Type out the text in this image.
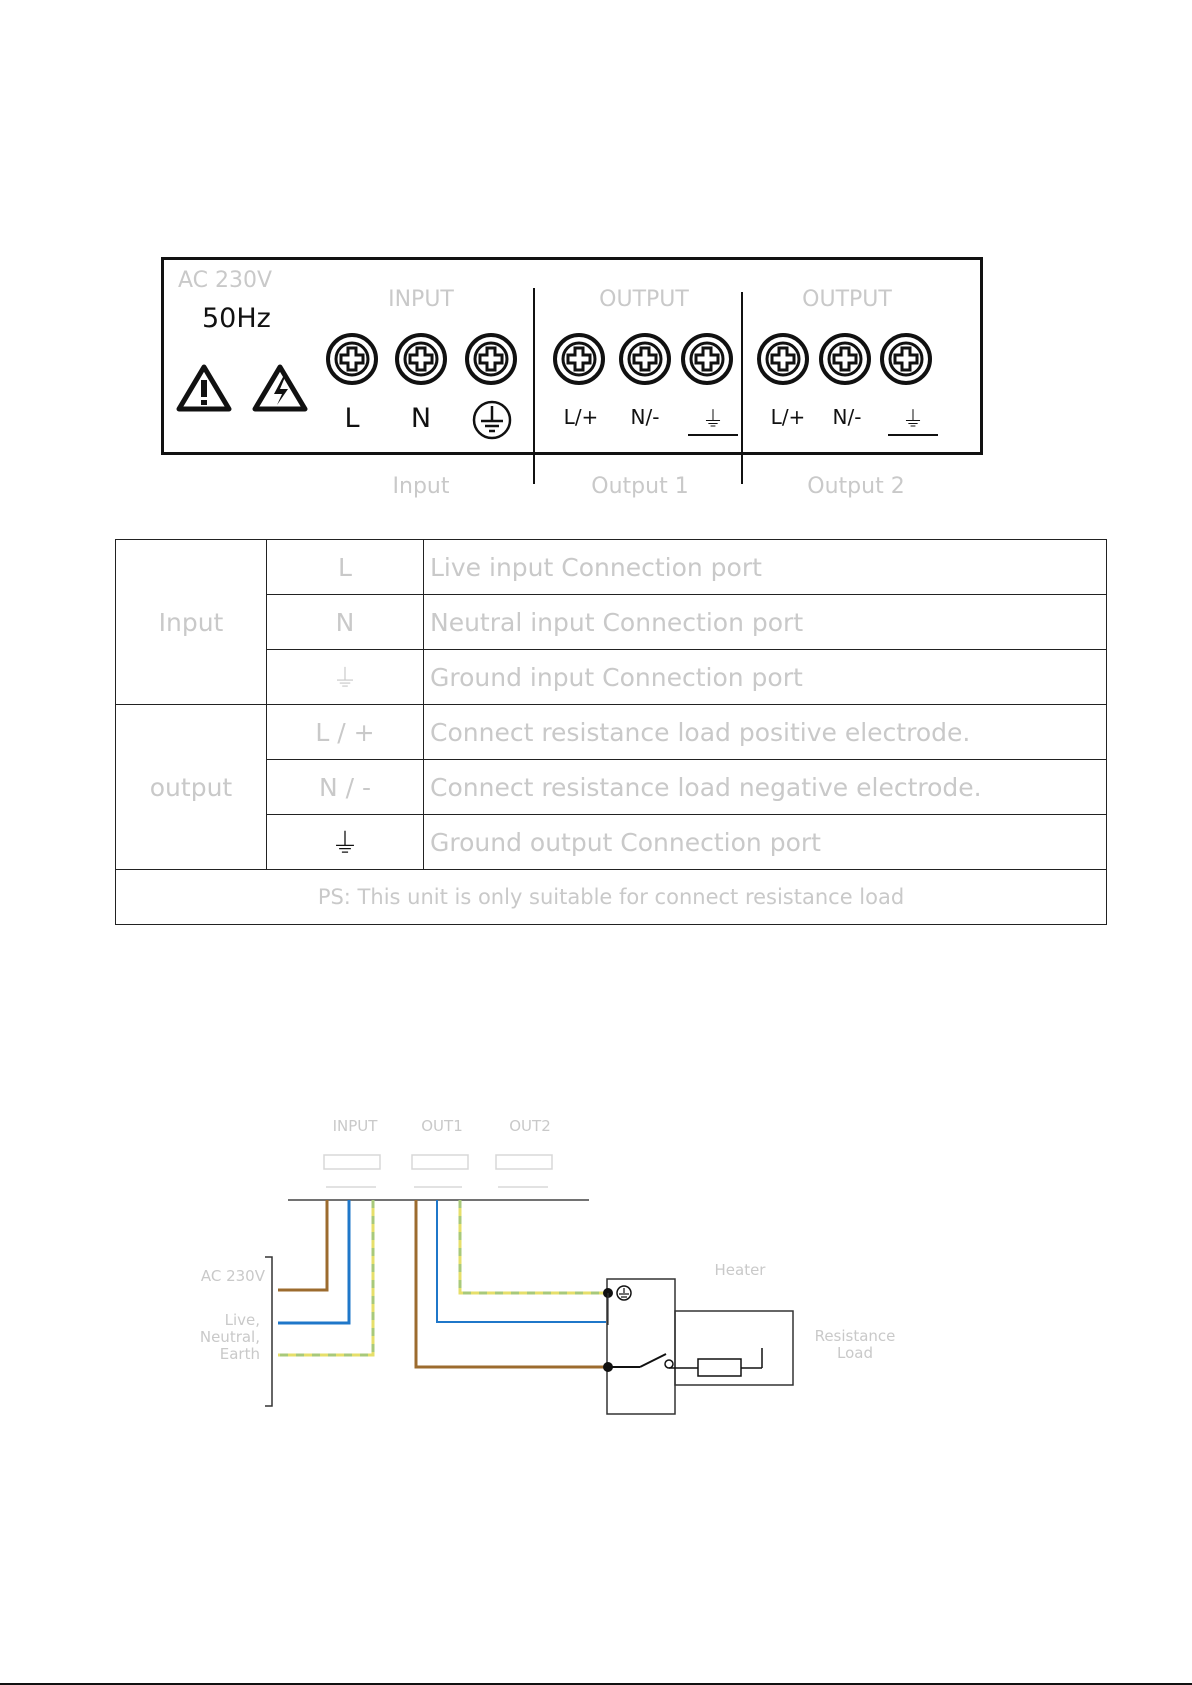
AC 230V
50Hz
INPUT	OUTPUT	OUTPUT
L	N	L/+	N/-	⏚	L/+	N/-	⏚
Input	Output 1	Output 2
Input	L	Live input Connection port
	N	Neutral input Connection port
	⏚	Ground input Connection port
output	L / +	Connect resistance load positive electrode.
	N / -	Connect resistance load negative electrode.
	⏚	Ground output Connection port
PS: This unit is only suitable for connect resistance load		
INPUT	OUT1	OUT2
AC 230V
Live, Neutral, Earth
Heater
Resistance Load
